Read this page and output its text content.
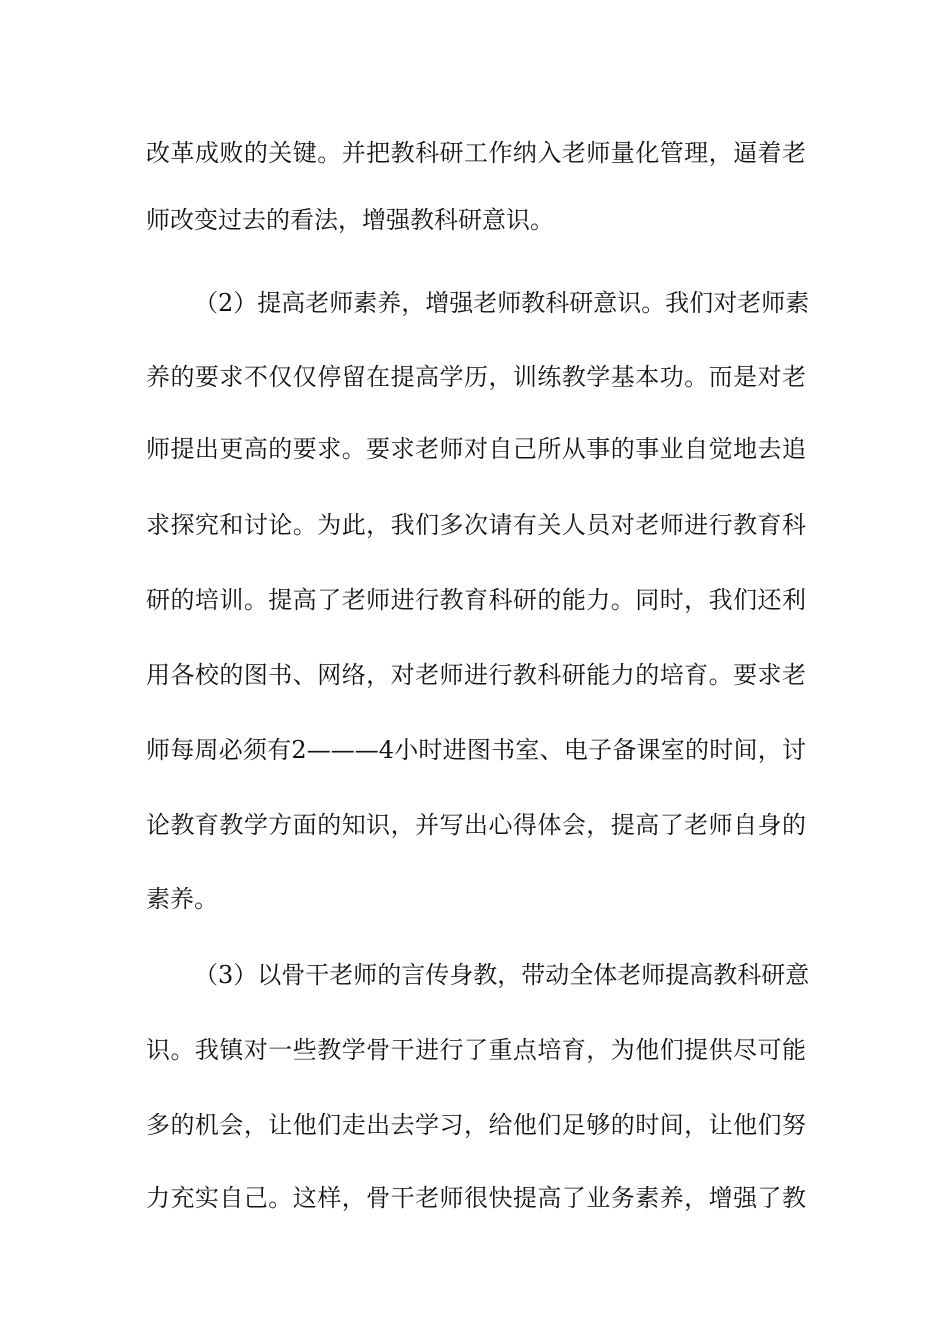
改革成败的关键。并把教科研工作纳入老师量化管理，逼着老
师改变过去的看法，增强教科研意识。
（2）提高老师素养，增强老师教科研意识。我们对老师素
养的要求不仅仅停留在提高学历，训练教学基本功。而是对老
师提出更高的要求。要求老师对自己所从事的事业自觉地去追
求探究和讨论。为此，我们多次请有关人员对老师进行教育科
研的培训。提高了老师进行教育科研的能力。同时，我们还利
用各校的图书、网络，对老师进行教科研能力的培育。要求老
师每周必须有2———4小时进图书室、电子备课室的时间，讨
论教育教学方面的知识，并写出心得体会，提高了老师自身的
素养。
（3）以骨干老师的言传身教，带动全体老师提高教科研意
识。我镇对一些教学骨干进行了重点培育，为他们提供尽可能
多的机会，让他们走出去学习，给他们足够的时间，让他们努
力充实自己。这样，骨干老师很快提高了业务素养，增强了教
